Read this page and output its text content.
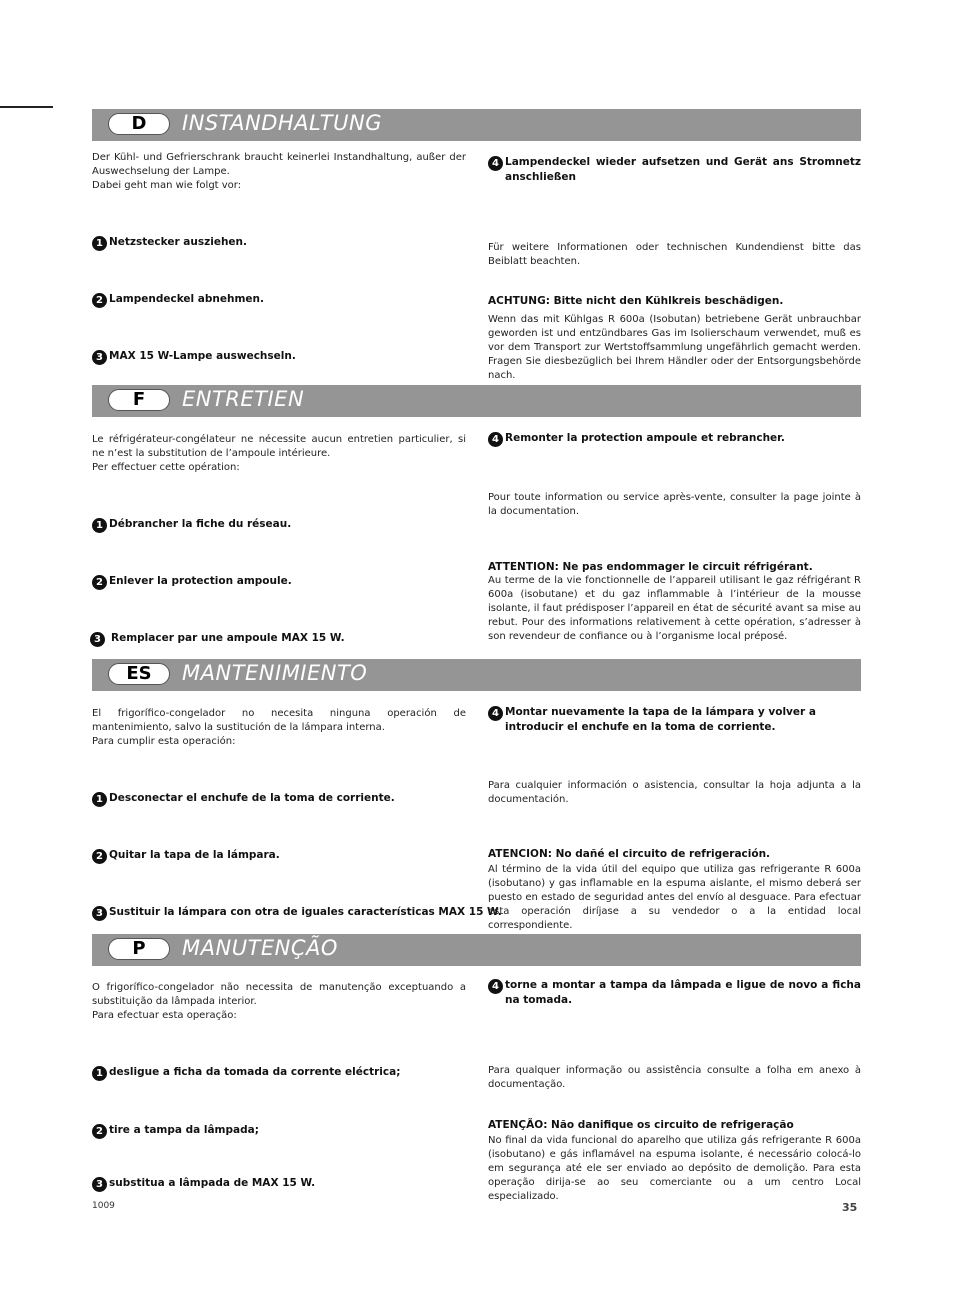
D INSTANDHALTUNG
Der Kühl- und Gefrierschrank braucht keinerlei Instandhaltung, außer der Auswechselung der Lampe.
Dabei geht man wie folgt vor:
1 Netzstecker ausziehen.
2 Lampendeckel abnehmen.
3 MAX 15 W-Lampe auswechseln.
4 Lampendeckel wieder aufsetzen und Gerät ans Stromnetz anschließen
Für weitere Informationen oder technischen Kundendienst bitte das Beiblatt beachten.
ACHTUNG: Bitte nicht den Kühlkreis beschädigen.
Wenn das mit Kühlgas R 600a (Isobutan) betriebene Gerät unbrauchbar geworden ist und entzündbares Gas im Isolierschaum verwendet, muß es vor dem Transport zur Wertstoffsammlung ungefährlich gemacht werden. Fragen Sie diesbezüglich bei Ihrem Händler oder der Entsorgungsbehörde nach.
F ENTRETIEN
Le réfrigérateur-congélateur ne nécessite aucun entretien particulier, si ne n’est la substitution de l’ampoule intérieure.
Per effectuer cette opération:
1 Débrancher la fiche du réseau.
2 Enlever la protection ampoule.
3 Remplacer par une ampoule MAX 15 W.
4 Remonter la protection ampoule et rebrancher.
Pour toute information ou service après-vente, consulter la page jointe à la documentation.
ATTENTION: Ne pas endommager le circuit réfrigérant.
Au terme de la vie fonctionnelle de l’appareil utilisant le gaz réfrigérant R 600a (isobutane) et du gaz inflammable à l’intérieur de la mousse isolante, il faut prédisposer l’appareil en état de sécurité avant sa mise au rebut. Pour des informations relativement à cette opération, s’adresser à son revendeur de confiance ou à l’organisme local préposé.
ES MANTENIMIENTO
El frigorífico-congelador no necesita ninguna operación de mantenimiento, salvo la sustitución de la lámpara interna.
Para cumplir esta operación:
1 Desconectar el enchufe de la toma de corriente.
2 Quitar la tapa de la lámpara.
3 Sustituir la lámpara con otra de iguales características MAX 15 W.
4 Montar nuevamente la tapa de la lámpara y volver a introducir el enchufe en la toma de corriente.
Para cualquier información o asistencia, consultar la hoja adjunta a la documentación.
ATENCION: No dañé el circuito de refrigeración.
Al término de la vida útil del equipo que utiliza gas refrigerante R 600a (isobutano) y gas inflamable en la espuma aislante, el mismo deberá ser puesto en estado de seguridad antes del envío al desguace. Para efectuar esta operación diríjase a su vendedor o a la entidad local correspondiente.
P MANUTENÇÃO
O frigorífico-congelador não necessita de manutenção exceptuando a substituição da lâmpada interior.
Para efectuar esta operação:
1 desligue a ficha da tomada da corrente eléctrica;
2 tire a tampa da lâmpada;
3 substitua a lâmpada de MAX 15 W.
4 torne a montar a tampa da lâmpada e ligue de novo a ficha na tomada.
Para qualquer informação ou assistência consulte a folha em anexo à documentação.
ATENÇÃO: Não danifique os circuito de refrigeração
No final da vida funcional do aparelho que utiliza gás refrigerante R 600a (isobutano) e gás inflamável na espuma isolante, é necessário colocá-lo em segurança até ele ser enviado ao depósito de demolição. Para esta operação dirija-se ao seu comerciante ou a um centro Local especializado.
1009	35
